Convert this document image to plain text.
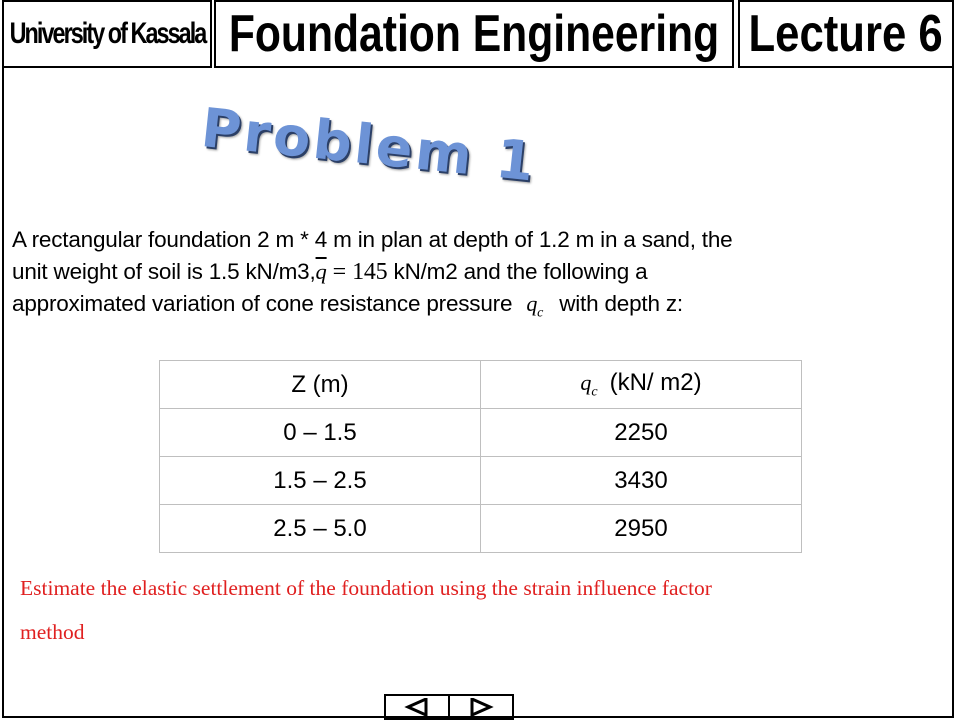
University of Kassala Foundation Engineering Lecture 6
Problem 1
A rectangular foundation 2 m * 4 m in plan at depth of 1.2 m in a sand, the
unit weight of soil is 1.5 $kN/m3,\overline{q} = 145$ kN/m2 and the following a
approximated variation of cone resistance pressure $q_c$ with depth z:
Z (m)	$q_c$ (kN/ m2)
0 – 1.5	2250
1.5 – 2.5	3430
2.5 – 5.0	2950
Estimate the elastic settlement of the foundation using the strain influence factor
method
